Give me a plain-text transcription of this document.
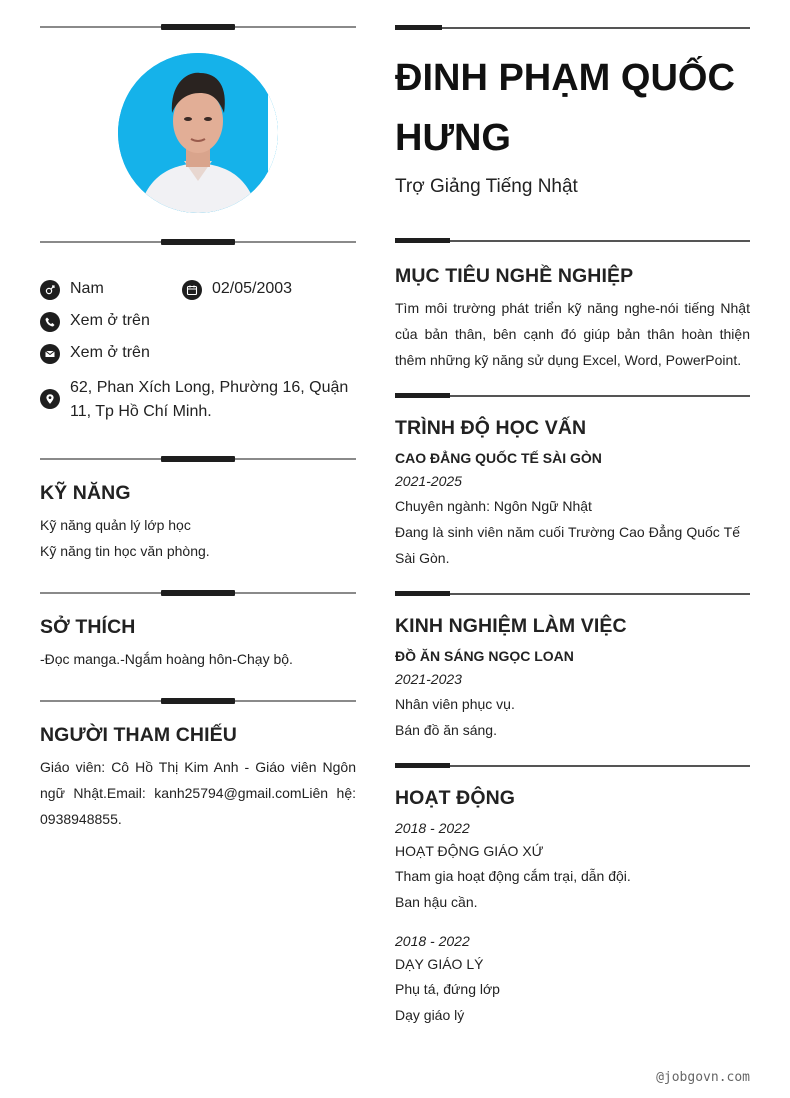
Nam	02/05/2003
Xem ở trên
Xem ở trên
62, Phan Xích Long, Phường 16, Quận 11, Tp Hồ Chí Minh.
KỸ NĂNG
Kỹ năng quản lý lớp học
Kỹ năng tin học văn phòng.
SỞ THÍCH
-Đọc manga.-Ngắm hoàng hôn-Chạy bộ.
NGƯỜI THAM CHIẾU
Giáo viên: Cô Hồ Thị Kim Anh - Giáo viên Ngôn ngữ Nhật.Email: kanh25794@gmail.comLiên hệ: 0938948855.
ĐINH PHẠM QUỐC HƯNG
Trợ Giảng Tiếng Nhật
MỤC TIÊU NGHỀ NGHIỆP
Tìm môi trường phát triển kỹ năng nghe-nói tiếng Nhật của bản thân, bên cạnh đó giúp bản thân hoàn thiện thêm những kỹ năng sử dụng Excel, Word, PowerPoint.
TRÌNH ĐỘ HỌC VẤN
CAO ĐẲNG QUỐC TẾ SÀI GÒN
2021-2025
Chuyên ngành: Ngôn Ngữ Nhật
Đang là sinh viên năm cuối Trường Cao Đẳng Quốc Tế Sài Gòn.
KINH NGHIỆM LÀM VIỆC
ĐỒ ĂN SÁNG NGỌC LOAN
2021-2023
Nhân viên phục vụ.
Bán đồ ăn sáng.
HOẠT ĐỘNG
2018 - 2022
HOẠT ĐỘNG GIÁO XỨ
Tham gia hoạt động cắm trại, dẫn đội.
Ban hậu cần.
2018 - 2022
DẠY GIÁO LÝ
Phụ tá, đứng lớp
Dạy giáo lý
@jobgovn.com
